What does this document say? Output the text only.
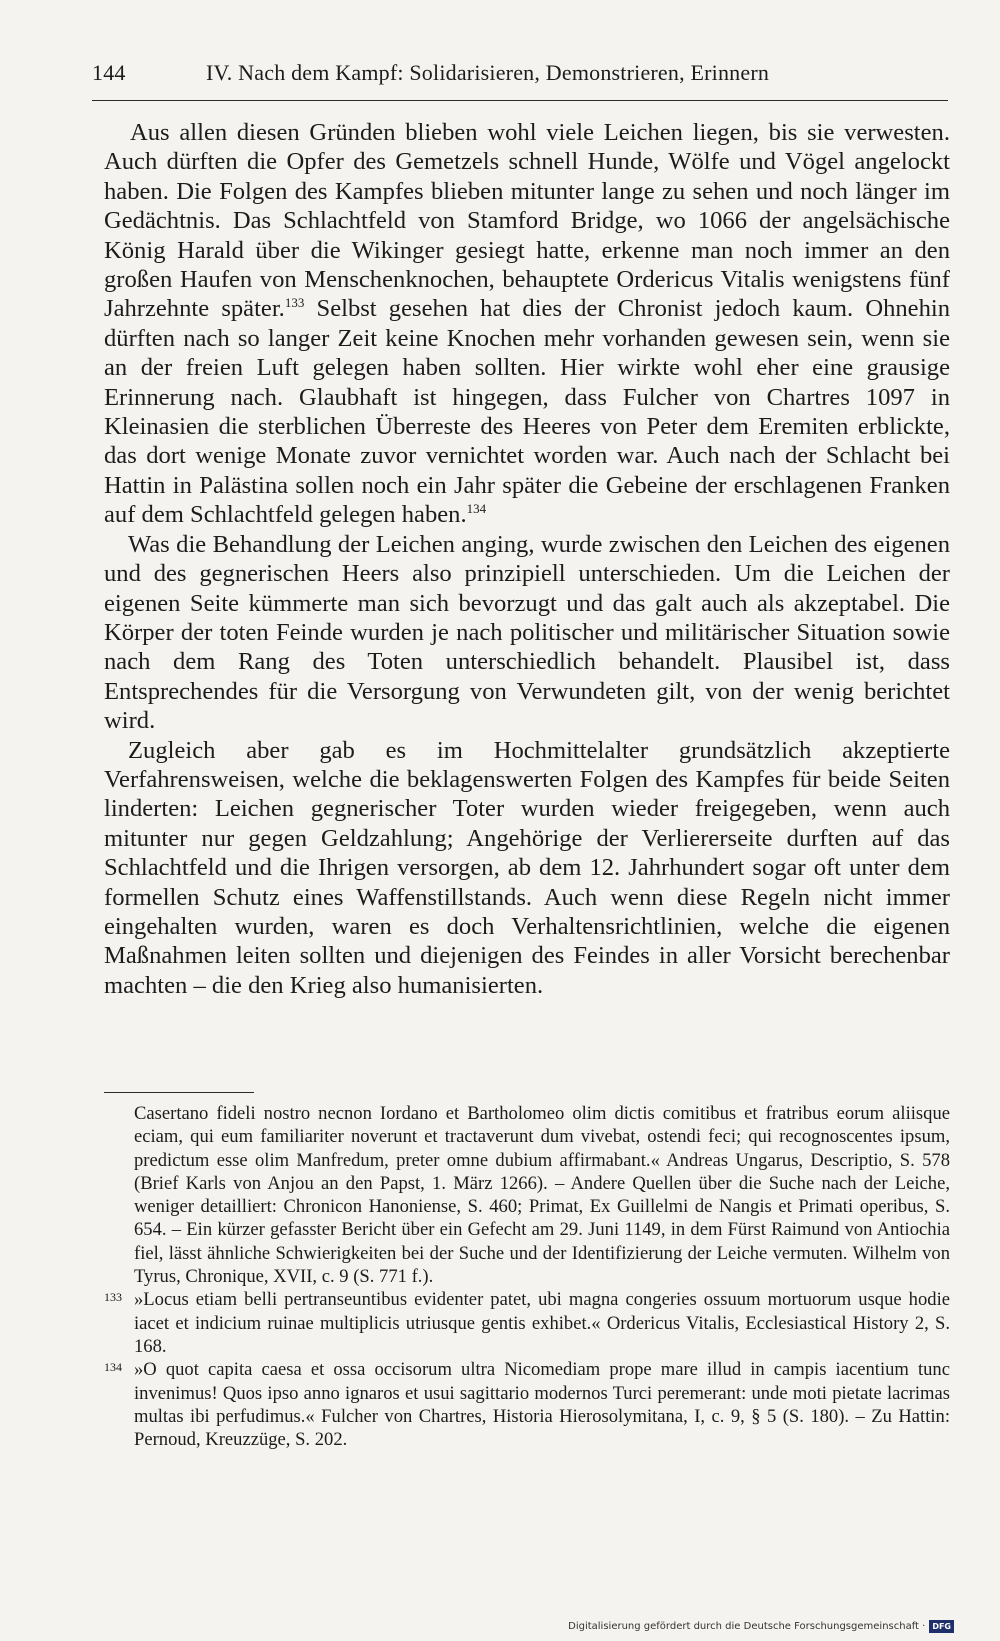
144	IV. Nach dem Kampf: Solidarisieren, Demonstrieren, Erinnern

Aus allen diesen Gründen blieben wohl viele Leichen liegen, bis sie verwesten. Auch dürften die Opfer des Gemetzels schnell Hunde, Wölfe und Vögel angelockt haben. Die Folgen des Kampfes blieben mitunter lange zu sehen und noch länger im Gedächtnis. Das Schlachtfeld von Stamford Bridge, wo 1066 der angelsächische König Harald über die Wikinger gesiegt hatte, erkenne man noch immer an den großen Haufen von Menschenknochen, behauptete Ordericus Vitalis wenigstens fünf Jahrzehnte später.$^{133}$ Selbst gesehen hat dies der Chronist jedoch kaum. Ohnehin dürften nach so langer Zeit keine Knochen mehr vorhanden gewesen sein, wenn sie an der freien Luft gelegen haben sollten. Hier wirkte wohl eher eine grausige Erinnerung nach. Glaubhaft ist hingegen, dass Fulcher von Chartres 1097 in Kleinasien die sterblichen Überreste des Heeres von Peter dem Eremiten erblickte, das dort wenige Monate zuvor vernichtet worden war. Auch nach der Schlacht bei Hattin in Palästina sollen noch ein Jahr später die Gebeine der erschlagenen Franken auf dem Schlachtfeld gelegen haben.$^{134}$

Was die Behandlung der Leichen anging, wurde zwischen den Leichen des eigenen und des gegnerischen Heers also prinzipiell unterschieden. Um die Leichen der eigenen Seite kümmerte man sich bevorzugt und das galt auch als akzeptabel. Die Körper der toten Feinde wurden je nach politischer und militärischer Situation sowie nach dem Rang des Toten unterschiedlich behandelt. Plausibel ist, dass Entsprechendes für die Versorgung von Verwundeten gilt, von der wenig berichtet wird.

Zugleich aber gab es im Hochmittelalter grundsätzlich akzeptierte Verfahrensweisen, welche die beklagenswerten Folgen des Kampfes für beide Seiten linderten: Leichen gegnerischer Toter wurden wieder freigegeben, wenn auch mitunter nur gegen Geldzahlung; Angehörige der Verliererseite durften auf das Schlachtfeld und die Ihrigen versorgen, ab dem 12. Jahrhundert sogar oft unter dem formellen Schutz eines Waffenstillstands. Auch wenn diese Regeln nicht immer eingehalten wurden, waren es doch Verhaltensrichtlinien, welche die eigenen Maßnahmen leiten sollten und diejenigen des Feindes in aller Vorsicht berechenbar machten – die den Krieg also humanisierten.

Casertano fideli nostro necnon Iordano et Bartholomeo olim dictis comitibus et fratribus eorum aliisque eciam, qui eum familiariter noverunt et tractaverunt dum vivebat, ostendi feci; qui recognoscentes ipsum, predictum esse olim Manfredum, preter omne dubium affirmabant.« Andreas Ungarus, Descriptio, S. 578 (Brief Karls von Anjou an den Papst, 1. März 1266). – Andere Quellen über die Suche nach der Leiche, weniger detailliert: Chronicon Hanoniense, S. 460; Primat, Ex Guillelmi de Nangis et Primati operibus, S. 654. – Ein kürzer gefasster Bericht über ein Gefecht am 29. Juni 1149, in dem Fürst Raimund von Antiochia fiel, lässt ähnliche Schwierigkeiten bei der Suche und der Identifizierung der Leiche vermuten. Wilhelm von Tyrus, Chronique, XVII, c. 9 (S. 771 f.).
133 »Locus etiam belli pertranseuntibus evidenter patet, ubi magna congeries ossuum mortuorum usque hodie iacet et indicium ruinae multiplicis utriusque gentis exhibet.« Ordericus Vitalis, Ecclesiastical History 2, S. 168.
134 »O quot capita caesa et ossa occisorum ultra Nicomediam prope mare illud in campis iacentium tunc invenimus! Quos ipso anno ignaros et usui sagittario modernos Turci peremerant: unde moti pietate lacrimas multas ibi perfudimus.« Fulcher von Chartres, Historia Hierosolymitana, I, c. 9, § 5 (S. 180). – Zu Hattin: Pernoud, Kreuzzüge, S. 202.
Digitalisierung gefördert durch die Deutsche Forschungsgemeinschaft · DFG
